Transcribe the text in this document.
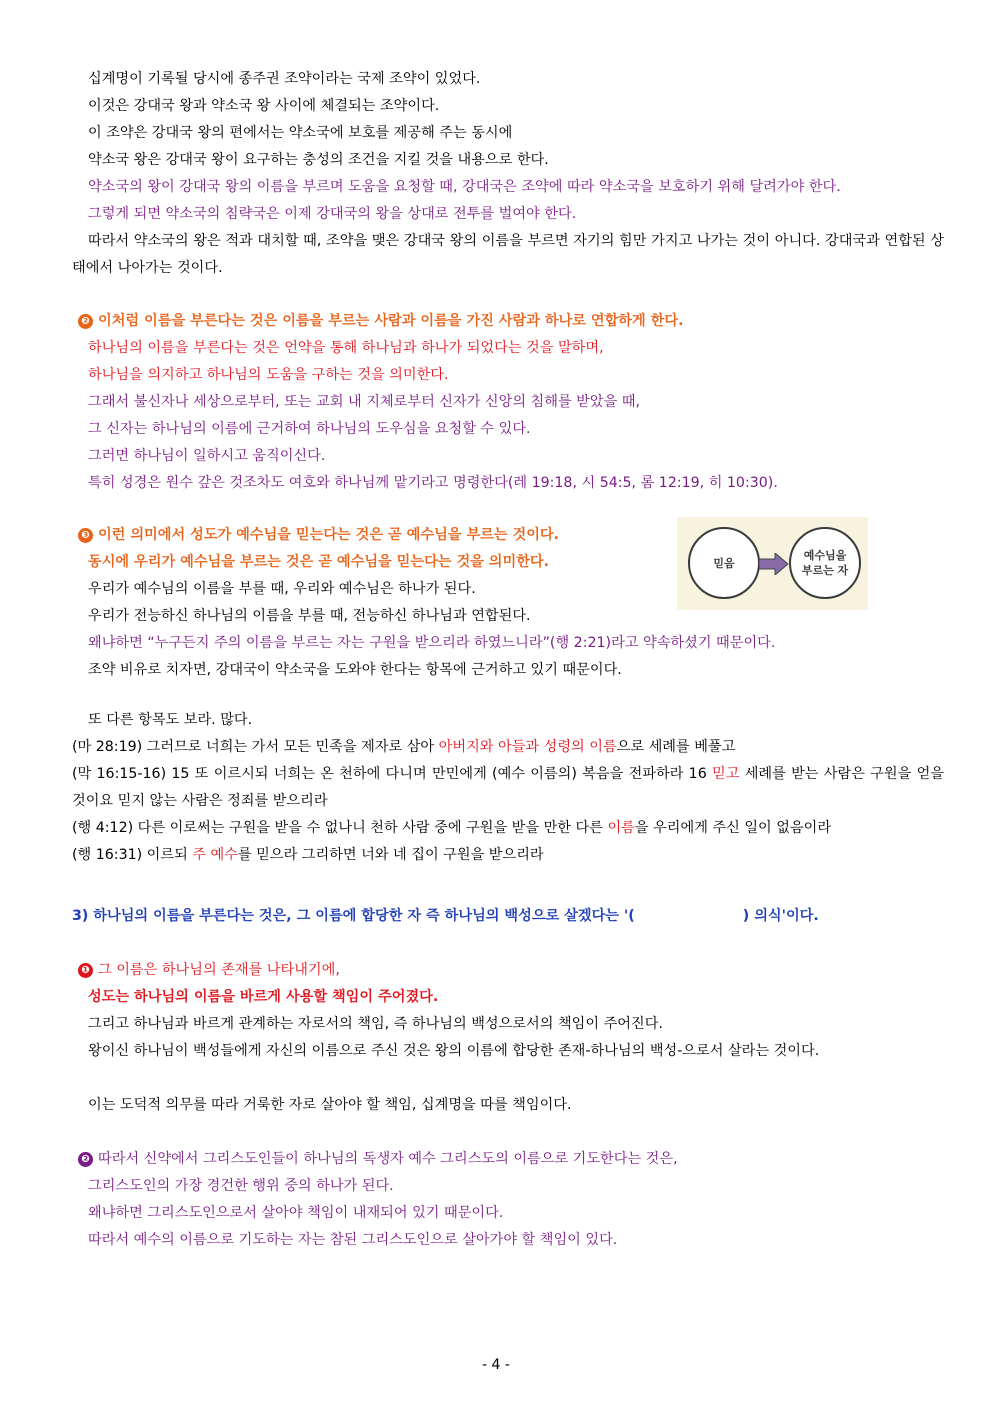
십계명이 기록될 당시에 종주권 조약이라는 국제 조약이 있었다.
이것은 강대국 왕과 약소국 왕 사이에 체결되는 조약이다.
이 조약은 강대국 왕의 편에서는 약소국에 보호를 제공해 주는 동시에
약소국 왕은 강대국 왕이 요구하는 충성의 조건을 지킬 것을 내용으로 한다.
약소국의 왕이 강대국 왕의 이름을 부르며 도움을 요청할 때, 강대국은 조약에 따라 약소국을 보호하기 위해 달려가야 한다.
그렇게 되면 약소국의 침략국은 이제 강대국의 왕을 상대로 전투를 벌여야 한다.
따라서 약소국의 왕은 적과 대치할 때, 조약을 맺은 강대국 왕의 이름을 부르면 자기의 힘만 가지고 나가는 것이 아니다. 강대국과 연합된 상태에서 나아가는 것이다.
❷ 이처럼 이름을 부른다는 것은 이름을 부르는 사람과 이름을 가진 사람과 하나로 연합하게 한다.
하나님의 이름을 부른다는 것은 언약을 통해 하나님과 하나가 되었다는 것을 말하며,
하나님을 의지하고 하나님의 도움을 구하는 것을 의미한다.
그래서 불신자나 세상으로부터, 또는 교회 내 지체로부터 신자가 신앙의 침해를 받았을 때,
그 신자는 하나님의 이름에 근거하여 하나님의 도우심을 요청할 수 있다.
그러면 하나님이 일하시고 움직이신다.
특히 성경은 원수 갚은 것조차도 여호와 하나님께 맡기라고 명령한다(레 19:18, 시 54:5, 롬 12:19, 히 10:30).
❸ 이런 의미에서 성도가 예수님을 믿는다는 것은 곧 예수님을 부르는 것이다.
동시에 우리가 예수님을 부르는 것은 곧 예수님을 믿는다는 것을 의미한다.
우리가 예수님의 이름을 부를 때, 우리와 예수님은 하나가 된다.
우리가 전능하신 하나님의 이름을 부를 때, 전능하신 하나님과 연합된다.
왜냐하면 “누구든지 주의 이름을 부르는 자는 구원을 받으리라 하였느니라”(행 2:21)라고 약속하셨기 때문이다.
조약 비유로 치자면, 강대국이 약소국을 도와야 한다는 항목에 근거하고 있기 때문이다.
믿음
예수님을
부르는 자
또 다른 항목도 보라. 많다.
(마 28:19) 그러므로 너희는 가서 모든 민족을 제자로 삼아 아버지와 아들과 성령의 이름으로 세례를 베풀고
(막 16:15-16) 15 또 이르시되 너희는 온 천하에 다니며 만민에게 (예수 이름의) 복음을 전파하라 16 믿고 세례를 받는 사람은 구원을 얻을 것이요 믿지 않는 사람은 정죄를 받으리라
(행 4:12) 다른 이로써는 구원을 받을 수 없나니 천하 사람 중에 구원을 받을 만한 다른 이름을 우리에게 주신 일이 없음이라
(행 16:31) 이르되 주 예수를 믿으라 그리하면 너와 네 집이 구원을 받으리라
3) 하나님의 이름을 부른다는 것은, 그 이름에 합당한 자 즉 하나님의 백성으로 살겠다는 '(	) 의식'이다.
❶ 그 이름은 하나님의 존재를 나타내기에,
성도는 하나님의 이름을 바르게 사용할 책임이 주어졌다.
그리고 하나님과 바르게 관계하는 자로서의 책임, 즉 하나님의 백성으로서의 책임이 주어진다.
왕이신 하나님이 백성들에게 자신의 이름으로 주신 것은 왕의 이름에 합당한 존재-하나님의 백성-으로서 살라는 것이다.
이는 도덕적 의무를 따라 거룩한 자로 살아야 할 책임, 십계명을 따를 책임이다.
❷ 따라서 신약에서 그리스도인들이 하나님의 독생자 예수 그리스도의 이름으로 기도한다는 것은,
그리스도인의 가장 경건한 행위 중의 하나가 된다.
왜냐하면 그리스도인으로서 살아야 책임이 내재되어 있기 때문이다.
따라서 예수의 이름으로 기도하는 자는 참된 그리스도인으로 살아가야 할 책임이 있다.
- 4 -
